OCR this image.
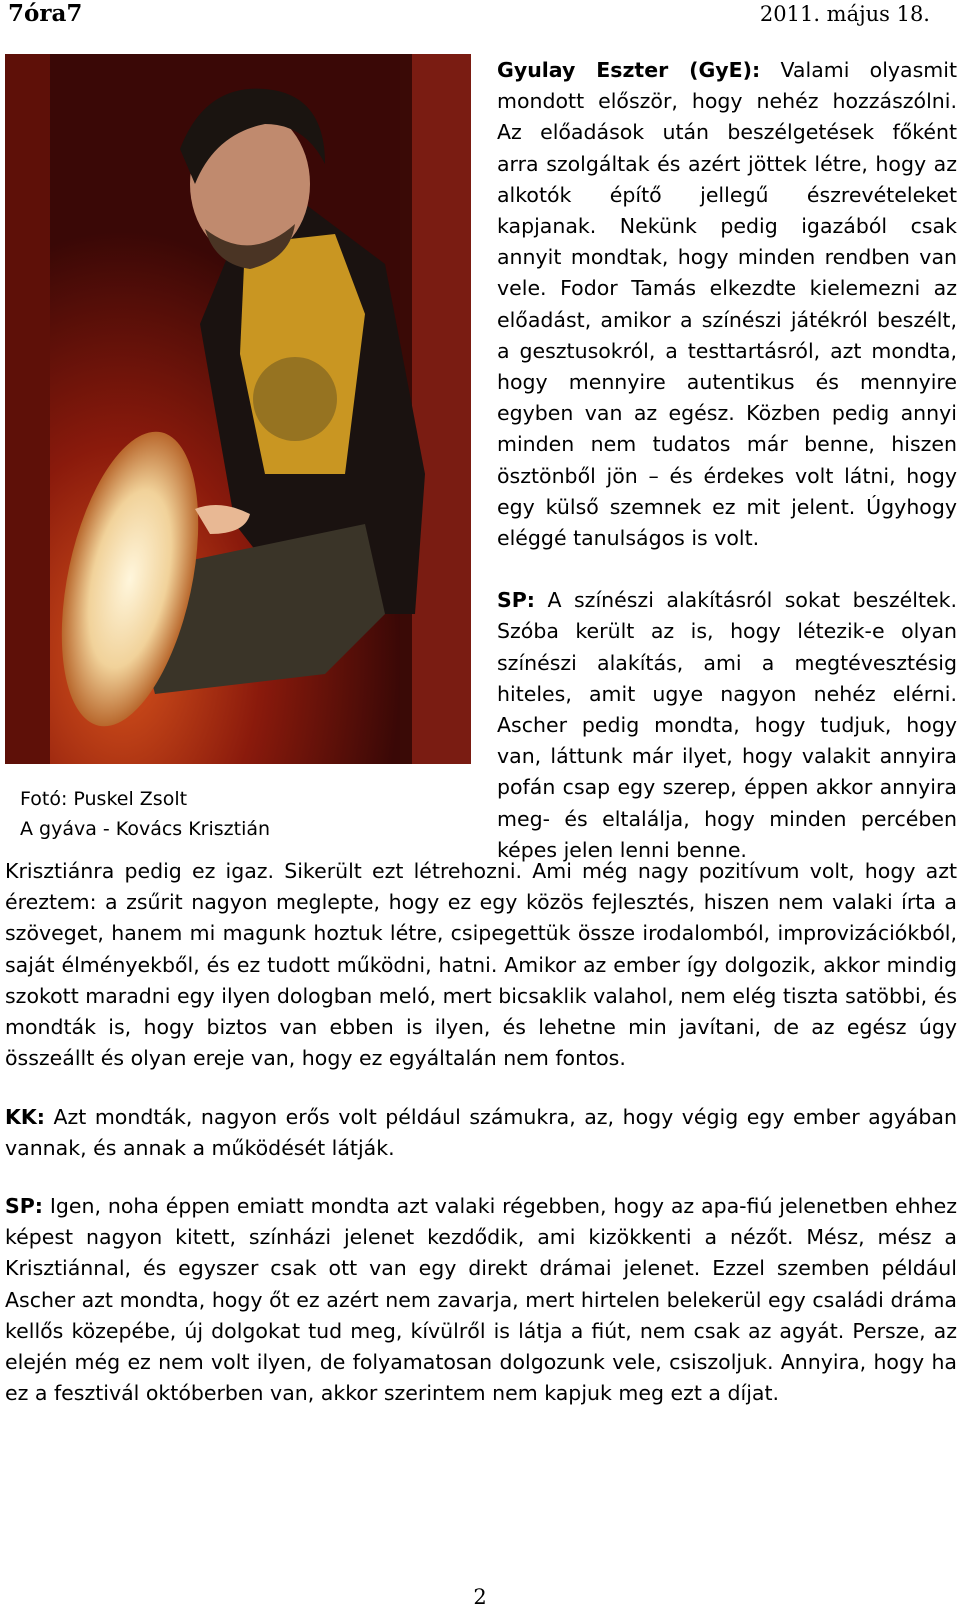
7óra7	2011. május 18.
Fotó: Puskel Zsolt
A gyáva - Kovács Krisztián

Gyulay Eszter (GyE): Valami olyasmit mondott először, hogy nehéz hozzászólni. Az előadások után beszélgetések főként arra szolgáltak és azért jöttek létre, hogy az alkotók építő jellegű észrevételeket kapjanak. Nekünk pedig igazából csak annyit mondtak, hogy minden rendben van vele. Fodor Tamás elkezdte kielemezni az előadást, amikor a színészi játékról beszélt, a gesztusokról, a testtartásról, azt mondta, hogy mennyire autentikus és mennyire egyben van az egész. Közben pedig annyi minden nem tudatos már benne, hiszen ösztönből jön – és érdekes volt látni, hogy egy külső szemnek ez mit jelent. Úgyhogy eléggé tanulságos is volt.

SP: A színészi alakításról sokat beszéltek. Szóba került az is, hogy létezik-e olyan színészi alakítás, ami a megtévesztésig hiteles, amit ugye nagyon nehéz elérni. Ascher pedig mondta, hogy tudjuk, hogy van, láttunk már ilyet, hogy valakit annyira pofán csap egy szerep, éppen akkor annyira meg- és eltalálja, hogy minden percében képes jelen lenni benne.

Krisztiánra pedig ez igaz. Sikerült ezt létrehozni. Ami még nagy pozitívum volt, hogy azt éreztem: a zsűrit nagyon meglepte, hogy ez egy közös fejlesztés, hiszen nem valaki írta a szöveget, hanem mi magunk hoztuk létre, csipegettük össze irodalomból, improvizációkból, saját élményekből, és ez tudott működni, hatni. Amikor az ember így dolgozik, akkor mindig szokott maradni egy ilyen dologban meló, mert bicsaklik valahol, nem elég tiszta satöbbi, és mondták is, hogy biztos van ebben is ilyen, és lehetne min javítani, de az egész úgy összeállt és olyan ereje van, hogy ez egyáltalán nem fontos.

KK: Azt mondták, nagyon erős volt például számukra, az, hogy végig egy ember agyában vannak, és annak a működését látják.

SP: Igen, noha éppen emiatt mondta azt valaki régebben, hogy az apa-fiú jelenetben ehhez képest nagyon kitett, színházi jelenet kezdődik, ami kizökkenti a nézőt. Mész, mész a Krisztiánnal, és egyszer csak ott van egy direkt drámai jelenet. Ezzel szemben például Ascher azt mondta, hogy őt ez azért nem zavarja, mert hirtelen belekerül egy családi dráma kellős közepébe, új dolgokat tud meg, kívülről is látja a fiút, nem csak az agyát. Persze, az elején még ez nem volt ilyen, de folyamatosan dolgozunk vele, csiszoljuk. Annyira, hogy ha ez a fesztivál októberben van, akkor szerintem nem kapjuk meg ezt a díjat.

2
